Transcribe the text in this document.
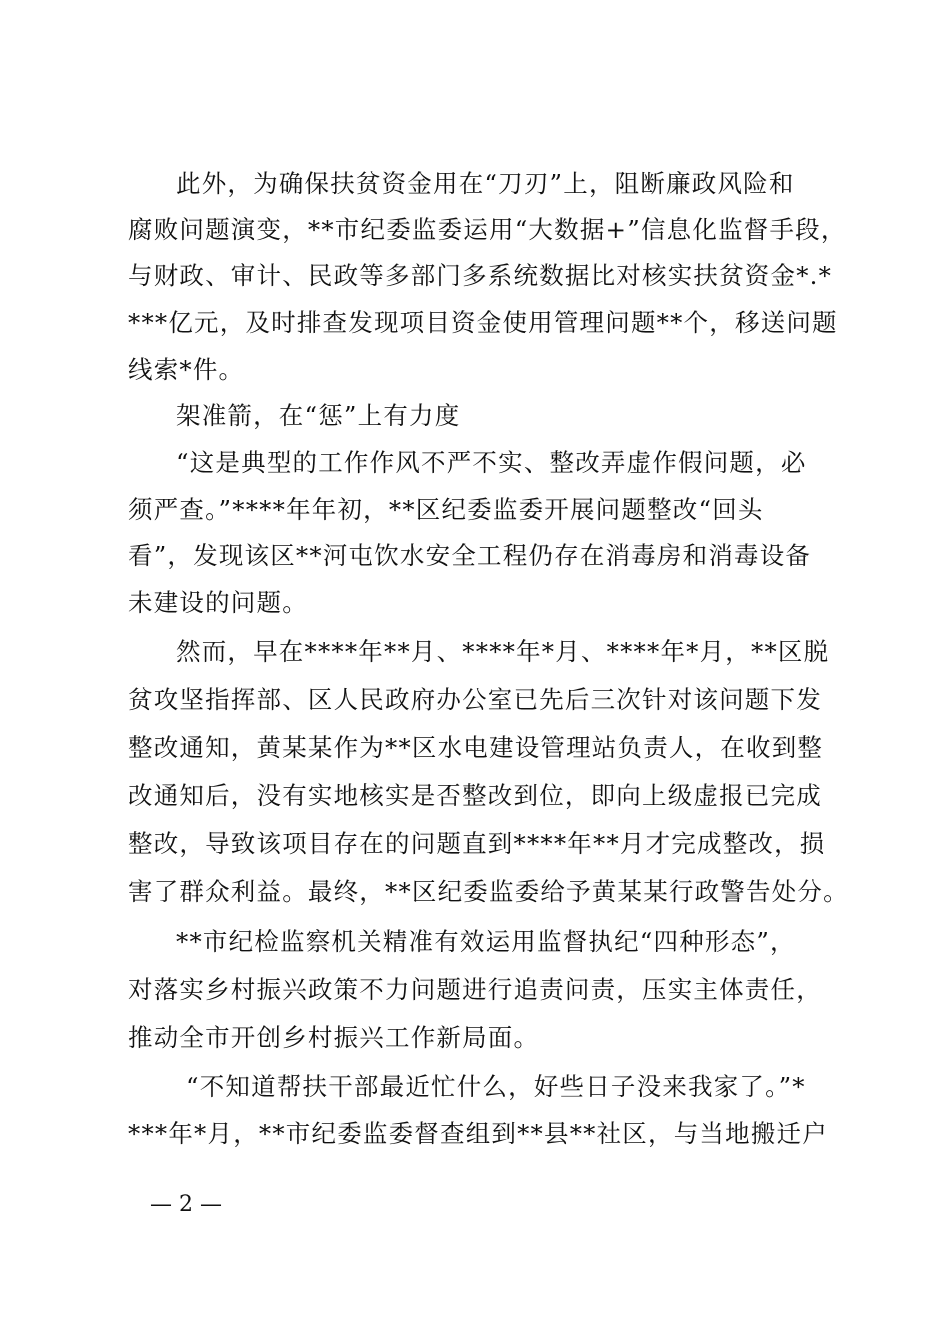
此外，为确保扶贫资金用在“刀刃”上，阻断廉政风险和
腐败问题演变，**市纪委监委运用“大数据+”信息化监督手段，
与财政、审计、民政等多部门多系统数据比对核实扶贫资金*.*
***亿元，及时排查发现项目资金使用管理问题**个，移送问题
线索*件。
架准箭，在“惩”上有力度
“这是典型的工作作风不严不实、整改弄虚作假问题，必
须严查。”****年年初，**区纪委监委开展问题整改“回头
看”，发现该区**河屯饮水安全工程仍存在消毒房和消毒设备
未建设的问题。
然而，早在****年**月、****年*月、****年*月，**区脱
贫攻坚指挥部、区人民政府办公室已先后三次针对该问题下发
整改通知，黄某某作为**区水电建设管理站负责人，在收到整
改通知后，没有实地核实是否整改到位，即向上级虚报已完成
整改，导致该项目存在的问题直到****年**月才完成整改，损
害了群众利益。最终，**区纪委监委给予黄某某行政警告处分。
**市纪检监察机关精准有效运用监督执纪“四种形态”，
对落实乡村振兴政策不力问题进行追责问责，压实主体责任，
推动全市开创乡村振兴工作新局面。
“不知道帮扶干部最近忙什么，好些日子没来我家了。”*
***年*月，**市纪委监委督查组到**县**社区，与当地搬迁户
— 2 —
